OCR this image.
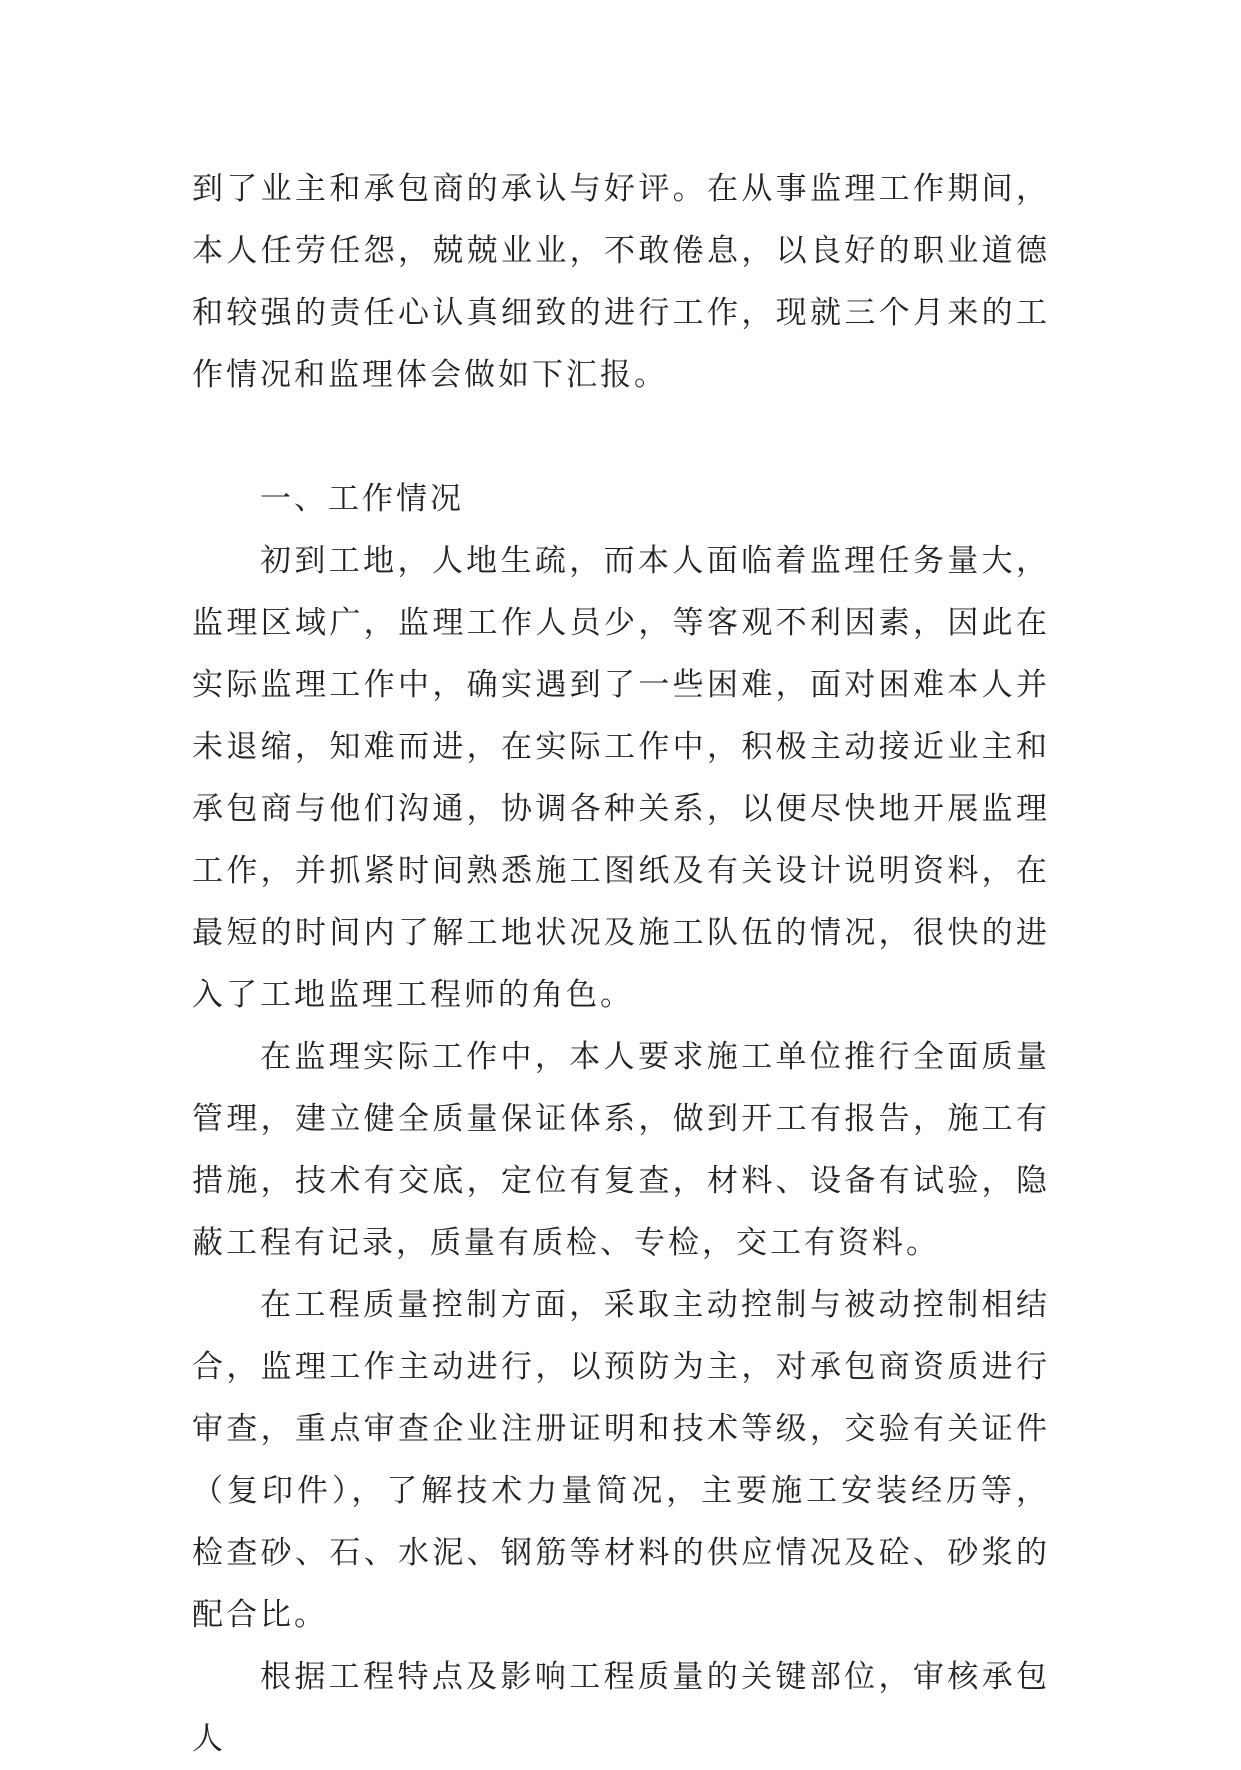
到了业主和承包商的承认与好评。在从事监理工作期间，本人任劳任怨，兢兢业业，不敢倦息，以良好的职业道德和较强的责任心认真细致的进行工作，现就三个月来的工作情况和监理体会做如下汇报。

一、工作情况

初到工地，人地生疏，而本人面临着监理任务量大，监理区域广，监理工作人员少，等客观不利因素，因此在实际监理工作中，确实遇到了一些困难，面对困难本人并未退缩，知难而进，在实际工作中，积极主动接近业主和承包商与他们沟通，协调各种关系，以便尽快地开展监理工作，并抓紧时间熟悉施工图纸及有关设计说明资料，在最短的时间内了解工地状况及施工队伍的情况，很快的进入了工地监理工程师的角色。

在监理实际工作中，本人要求施工单位推行全面质量管理，建立健全质量保证体系，做到开工有报告，施工有措施，技术有交底，定位有复查，材料、设备有试验，隐蔽工程有记录，质量有质检、专检，交工有资料。

在工程质量控制方面，采取主动控制与被动控制相结合，监理工作主动进行，以预防为主，对承包商资质进行审查，重点审查企业注册证明和技术等级，交验有关证件（复印件），了解技术力量简况，主要施工安装经历等，检查砂、石、水泥、钢筋等材料的供应情况及砼、砂浆的配合比。

根据工程特点及影响工程质量的关键部位，审核承包人
